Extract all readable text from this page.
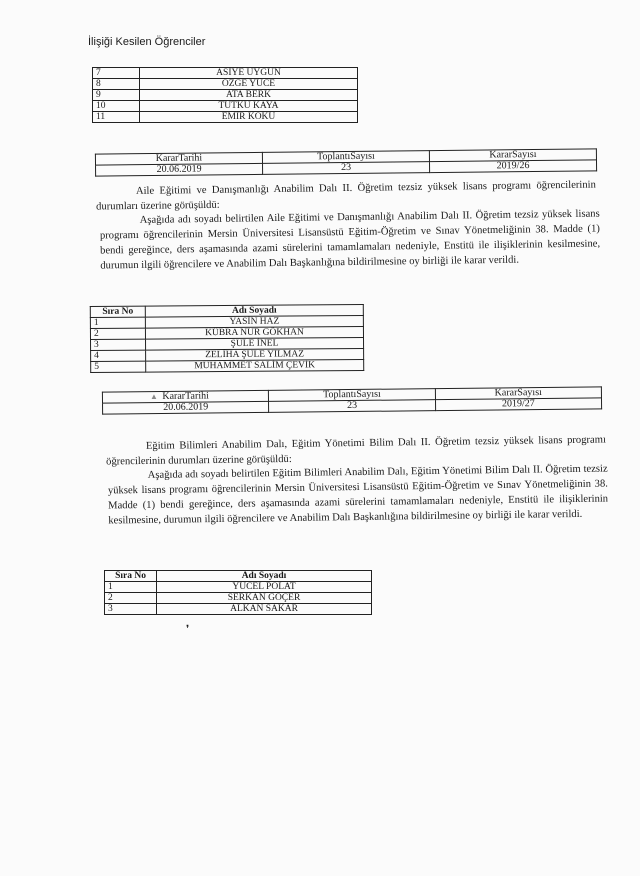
İlişiği Kesilen Öğrenciler
7	ASİYE UYGUN
8	ÖZGE YÜCE
9	ATA BERK
10	TUTKU KAYA
11	EMİR KOKU
KararTarihi	ToplantıSayısı	KararSayısı
20.06.2019	23	2019/26
Aile Eğitimi ve Danışmanlığı Anabilim Dalı II. Öğretim tezsiz yüksek lisans programı öğrencilerinin durumları üzerine görüşüldü:
Aşağıda adı soyadı belirtilen Aile Eğitimi ve Danışmanlığı Anabilim Dalı II. Öğretim tezsiz yüksek lisans programı öğrencilerinin Mersin Üniversitesi Lisansüstü Eğitim-Öğretim ve Sınav Yönetmeliğinin 38. Madde (1) bendi gereğince, ders aşamasında azami sürelerini tamamlamaları nedeniyle, Enstitü ile ilişiklerinin kesilmesine, durumun ilgili öğrencilere ve Anabilim Dalı Başkanlığına bildirilmesine oy birliği ile karar verildi.
Sıra No	Adı Soyadı
1	YASİN HAZ
2	KÜBRA NUR GÖKHAN
3	ŞULE İNEL
4	ZELİHA ŞULE YILMAZ
5	MUHAMMET SALİM ÇEVİK
▲ KararTarihi	ToplantıSayısı	KararSayısı
20.06.2019	23	2019/27
Eğitim Bilimleri Anabilim Dalı, Eğitim Yönetimi Bilim Dalı II. Öğretim tezsiz yüksek lisans programı öğrencilerinin durumları üzerine görüşüldü:
Aşağıda adı soyadı belirtilen Eğitim Bilimleri Anabilim Dalı, Eğitim Yönetimi Bilim Dalı II. Öğretim tezsiz yüksek lisans programı öğrencilerinin Mersin Üniversitesi Lisansüstü Eğitim-Öğretim ve Sınav Yönetmeliğinin 38. Madde (1) bendi gereğince, ders aşamasında azami sürelerini tamamlamaları nedeniyle, Enstitü ile ilişiklerinin kesilmesine, durumun ilgili öğrencilere ve Anabilim Dalı Başkanlığına bildirilmesine oy birliği ile karar verildi.
Sıra No	Adı Soyadı
1	YÜCEL POLAT
2	SERKAN GÖÇER
3	ALKAN SAKAR
❜
